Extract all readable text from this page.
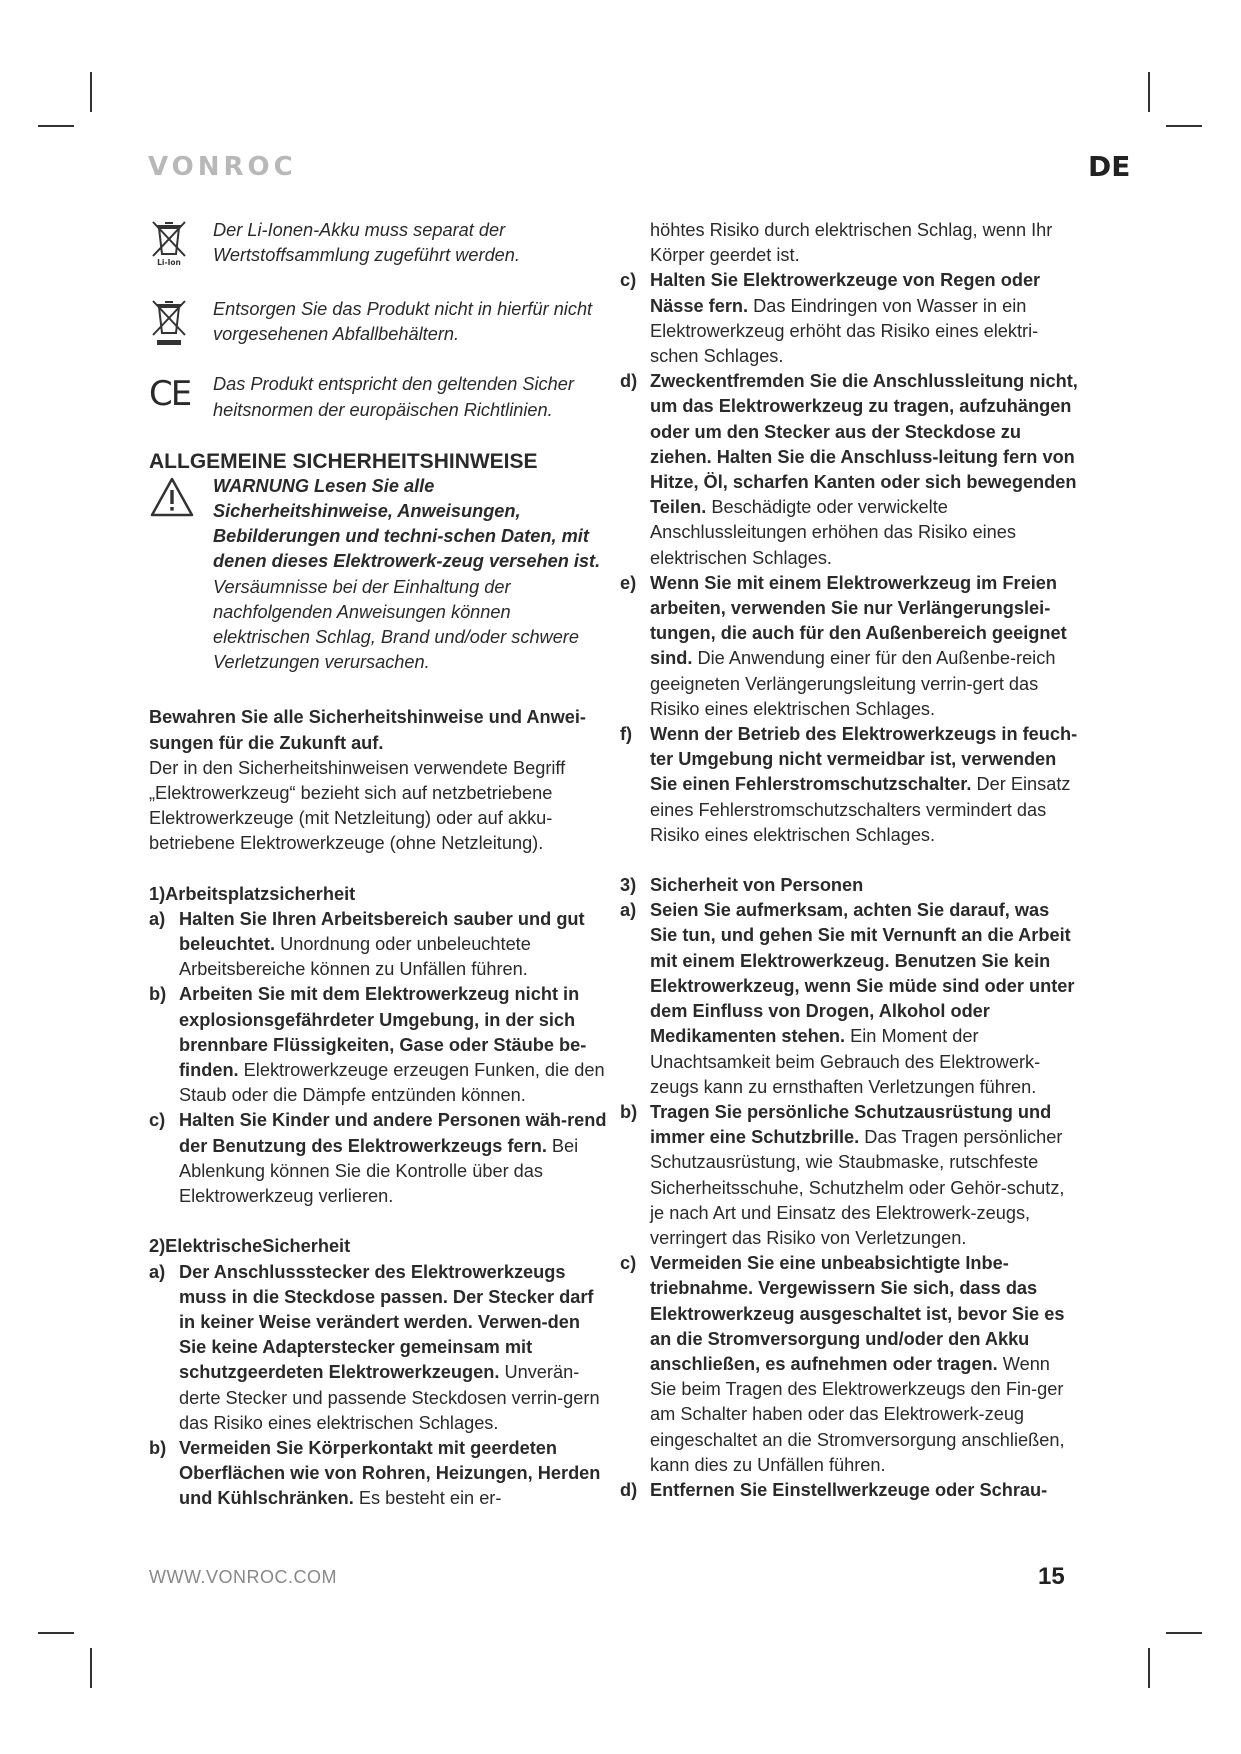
VONROC	DE
Li-Ion
Der Li-Ionen-Akku muss separat der Wertstoffsammlung zugeführt werden.
Entsorgen Sie das Produkt nicht in hierfür nicht vorgesehenen Abfallbehältern.
CE	Das Produkt entspricht den geltenden Sicher heitsnormen der europäischen Richtlinien.
ALLGEMEINE SICHERHEITSHINWEISE
WARNUNG Lesen Sie alle Sicherheitshinweise, Anweisungen, Bebilderungen und techni-schen Daten, mit denen dieses Elektrowerk-zeug versehen ist. Versäumnisse bei der Einhaltung der nachfolgenden Anweisungen können elektrischen Schlag, Brand und/oder schwere Verletzungen verursachen.

Bewahren Sie alle Sicherheitshinweise und Anwei-sungen für die Zukunft auf.

Der in den Sicherheitshinweisen verwendete Begriff „Elektrowerkzeug“ bezieht sich auf netzbetriebene Elektrowerkzeuge (mit Netzleitung) oder auf akku-betriebene Elektrowerkzeuge (ohne Netzleitung).

1)Arbeitsplatzsicherheit
a) Halten Sie Ihren Arbeitsbereich sauber und gut beleuchtet. Unordnung oder unbeleuchtete Arbeitsbereiche können zu Unfällen führen.
b) Arbeiten Sie mit dem Elektrowerkzeug nicht in explosionsgefährdeter Umgebung, in der sich brennbare Flüssigkeiten, Gase oder Stäube be-finden. Elektrowerkzeuge erzeugen Funken, die den Staub oder die Dämpfe entzünden können.
c) Halten Sie Kinder und andere Personen wäh-rend der Benutzung des Elektrowerkzeugs fern. Bei Ablenkung können Sie die Kontrolle über das Elektrowerkzeug verlieren.
2)ElektrischeSicherheit
a) Der Anschlussstecker des Elektrowerkzeugs muss in die Steckdose passen. Der Stecker darf in keiner Weise verändert werden. Verwen-den Sie keine Adapterstecker gemeinsam mit schutzgeerdeten Elektrowerkzeugen. Unverän-derte Stecker und passende Steckdosen verrin-gern das Risiko eines elektrischen Schlages.
b) Vermeiden Sie Körperkontakt mit geerdeten Oberflächen wie von Rohren, Heizungen, Herden und Kühlschränken. Es besteht ein er-
höhtes Risiko durch elektrischen Schlag, wenn Ihr Körper geerdet ist.
c) Halten Sie Elektrowerkzeuge von Regen oder Nässe fern. Das Eindringen von Wasser in ein Elektrowerkzeug erhöht das Risiko eines elektri-schen Schlages.
d) Zweckentfremden Sie die Anschlussleitung nicht, um das Elektrowerkzeug zu tragen, aufzuhängen oder um den Stecker aus der Steckdose zu ziehen. Halten Sie die Anschluss-leitung fern von Hitze, Öl, scharfen Kanten oder sich bewegenden Teilen. Beschädigte oder verwickelte Anschlussleitungen erhöhen das Risiko eines elektrischen Schlages.
e) Wenn Sie mit einem Elektrowerkzeug im Freien arbeiten, verwenden Sie nur Verlängerungslei-tungen, die auch für den Außenbereich geeignet sind. Die Anwendung einer für den Außenbe-reich geeigneten Verlängerungsleitung verrin-gert das Risiko eines elektrischen Schlages.
f) Wenn der Betrieb des Elektrowerkzeugs in feuch-ter Umgebung nicht vermeidbar ist, verwenden Sie einen Fehlerstromschutzschalter. Der Einsatz eines Fehlerstromschutzschalters vermindert das Risiko eines elektrischen Schlages.
3) Sicherheit von Personen
a) Seien Sie aufmerksam, achten Sie darauf, was Sie tun, und gehen Sie mit Vernunft an die Arbeit mit einem Elektrowerkzeug. Benutzen Sie kein Elektrowerkzeug, wenn Sie müde sind oder unter dem Einfluss von Drogen, Alkohol oder Medikamenten stehen. Ein Moment der Unachtsamkeit beim Gebrauch des Elektrowerk-zeugs kann zu ernsthaften Verletzungen führen.
b) Tragen Sie persönliche Schutzausrüstung und immer eine Schutzbrille. Das Tragen persönlicher Schutzausrüstung, wie Staubmaske, rutschfeste Sicherheitsschuhe, Schutzhelm oder Gehör-schutz, je nach Art und Einsatz des Elektrowerk-zeugs, verringert das Risiko von Verletzungen.
c) Vermeiden Sie eine unbeabsichtigte Inbe-triebnahme. Vergewissern Sie sich, dass das Elektrowerkzeug ausgeschaltet ist, bevor Sie es an die Stromversorgung und/oder den Akku anschließen, es aufnehmen oder tragen. Wenn Sie beim Tragen des Elektrowerkzeugs den Fin-ger am Schalter haben oder das Elektrowerk-zeug eingeschaltet an die Stromversorgung anschließen, kann dies zu Unfällen führen.
d) Entfernen Sie Einstellwerkzeuge oder Schrau-
WWW.VONROC.COM	15
